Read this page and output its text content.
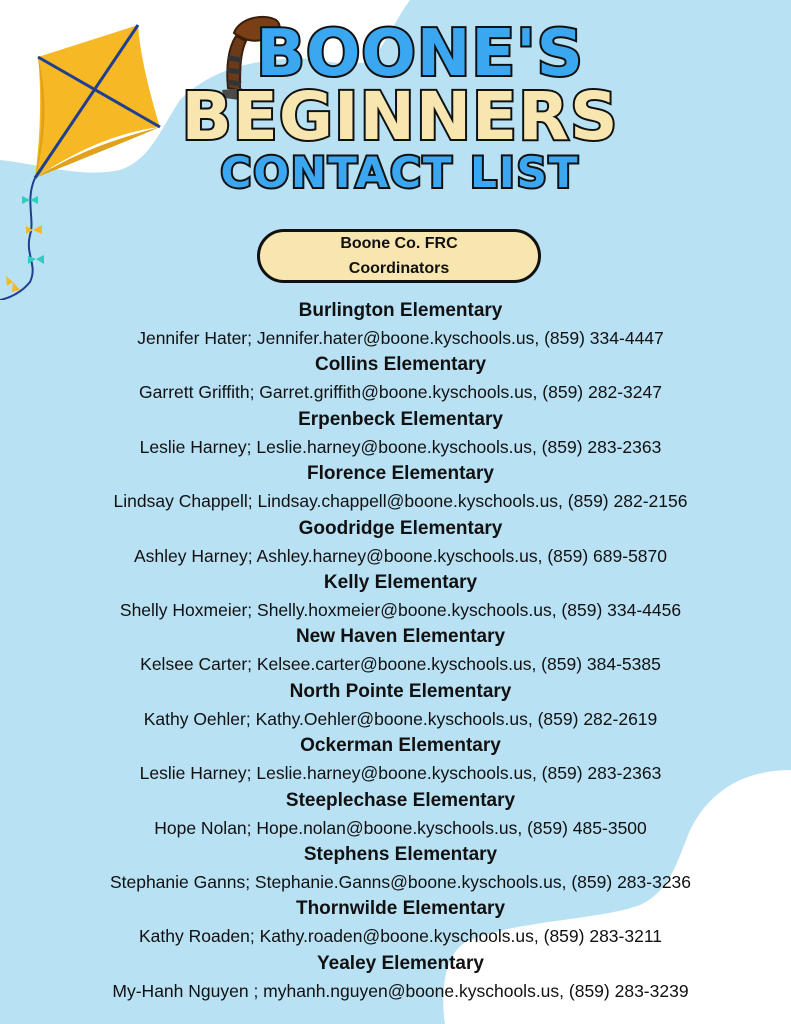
BOONE'S
BEGINNERS
CONTACT LIST
Boone Co. FRC
Coordinators
Burlington Elementary
Jennifer Hater; Jennifer.hater@boone.kyschools.us, (859) 334-4447
Collins Elementary
Garrett Griffith; Garret.griffith@boone.kyschools.us, (859) 282-3247
Erpenbeck Elementary
Leslie Harney; Leslie.harney@boone.kyschools.us, (859) 283-2363
Florence Elementary
Lindsay Chappell; Lindsay.chappell@boone.kyschools.us, (859) 282-2156
Goodridge Elementary
Ashley Harney; Ashley.harney@boone.kyschools.us, (859) 689-5870
Kelly Elementary
Shelly Hoxmeier; Shelly.hoxmeier@boone.kyschools.us, (859) 334-4456
New Haven Elementary
Kelsee Carter; Kelsee.carter@boone.kyschools.us, (859) 384-5385
North Pointe Elementary
Kathy Oehler; Kathy.Oehler@boone.kyschools.us, (859) 282-2619
Ockerman Elementary
Leslie Harney; Leslie.harney@boone.kyschools.us, (859) 283-2363
Steeplechase Elementary
Hope Nolan; Hope.nolan@boone.kyschools.us, (859) 485-3500
Stephens Elementary
Stephanie Ganns; Stephanie.Ganns@boone.kyschools.us, (859) 283-3236
Thornwilde Elementary
Kathy Roaden; Kathy.roaden@boone.kyschools.us, (859) 283-3211
Yealey Elementary
My-Hanh Nguyen ; myhanh.nguyen@boone.kyschools.us, (859) 283-3239
